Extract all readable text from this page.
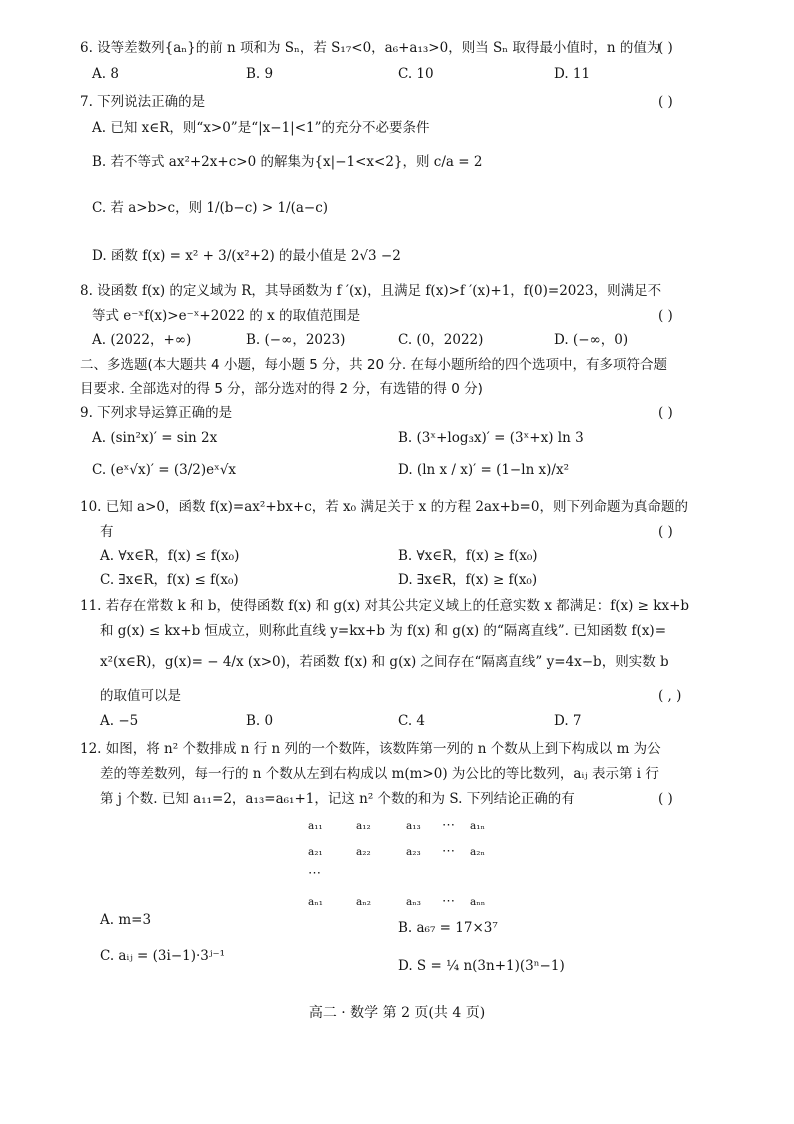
6. 设等差数列{aₙ}的前 n 项和为 Sₙ，若 S₁₇<0，a₆+a₁₃>0，则当 Sₙ 取得最小值时，n 的值为
( )
A. 8	B. 9	C. 10	D. 11
7. 下列说法正确的是	( )
A. 已知 x∈R，则“x>0”是“|x−1|<1”的充分不必要条件
B. 若不等式 ax²+2x+c>0 的解集为{x|−1<x<2}，则 c/a = 2
C. 若 a>b>c，则 1/(b−c) > 1/(a−c)
D. 函数 f(x) = x² + 3/(x²+2) 的最小值是 2√3 −2
8. 设函数 f(x) 的定义域为 R，其导函数为 f ′(x)，且满足 f(x)>f ′(x)+1，f(0)=2023，则满足不
等式 e⁻ˣf(x)>e⁻ˣ+2022 的 x 的取值范围是	( )
A. (2022，+∞)	B. (−∞，2023)	C. (0，2022)	D. (−∞，0)
二、多选题(本大题共 4 小题，每小题 5 分，共 20 分. 在每小题所给的四个选项中，有多项符合题
目要求. 全部选对的得 5 分，部分选对的得 2 分，有选错的得 0 分)
9. 下列求导运算正确的是	( )
A. (sin²x)′ = sin 2x	B. (3ˣ+log₃x)′ = (3ˣ+x) ln 3
C. (eˣ√x)′ = (3/2)eˣ√x	D. (ln x / x)′ = (1−ln x)/x²
10. 已知 a>0，函数 f(x)=ax²+bx+c，若 x₀ 满足关于 x 的方程 2ax+b=0，则下列命题为真命题的
有	( )
A. ∀x∈R，f(x) ≤ f(x₀)	B. ∀x∈R，f(x) ≥ f(x₀)
C. ∃x∈R，f(x) ≤ f(x₀)	D. ∃x∈R，f(x) ≥ f(x₀)
11. 若存在常数 k 和 b，使得函数 f(x) 和 g(x) 对其公共定义域上的任意实数 x 都满足：f(x) ≥ kx+b
和 g(x) ≤ kx+b 恒成立，则称此直线 y=kx+b 为 f(x) 和 g(x) 的“隔离直线”. 已知函数 f(x)=
x²(x∈R)，g(x)= − 4/x (x>0)，若函数 f(x) 和 g(x) 之间存在“隔离直线” y=4x−b，则实数 b
的取值可以是	( , )
A. −5	B. 0	C. 4	D. 7
12. 如图，将 n² 个数排成 n 行 n 列的一个数阵，该数阵第一列的 n 个数从上到下构成以 m 为公
差的等差数列，每一行的 n 个数从左到右构成以 m(m>0) 为公比的等比数列，aᵢⱼ 表示第 i 行
第 j 个数. 已知 a₁₁=2，a₁₃=a₆₁+1，记这 n² 个数的和为 S. 下列结论正确的有	( )
a₁₁	a₁₂	a₁₃ ⋯ a₁ₙ
a₂₁	a₂₂	a₂₃ ⋯ a₂ₙ
⋯
aₙ₁	aₙ₂	aₙ₃ ⋯ aₙₙ
A. m=3	B. a₆₇ = 17×3⁷
C. aᵢⱼ = (3i−1)·3ʲ⁻¹
D. S = ¼ n(3n+1)(3ⁿ−1)
高二 · 数学 第 2 页(共 4 页)
